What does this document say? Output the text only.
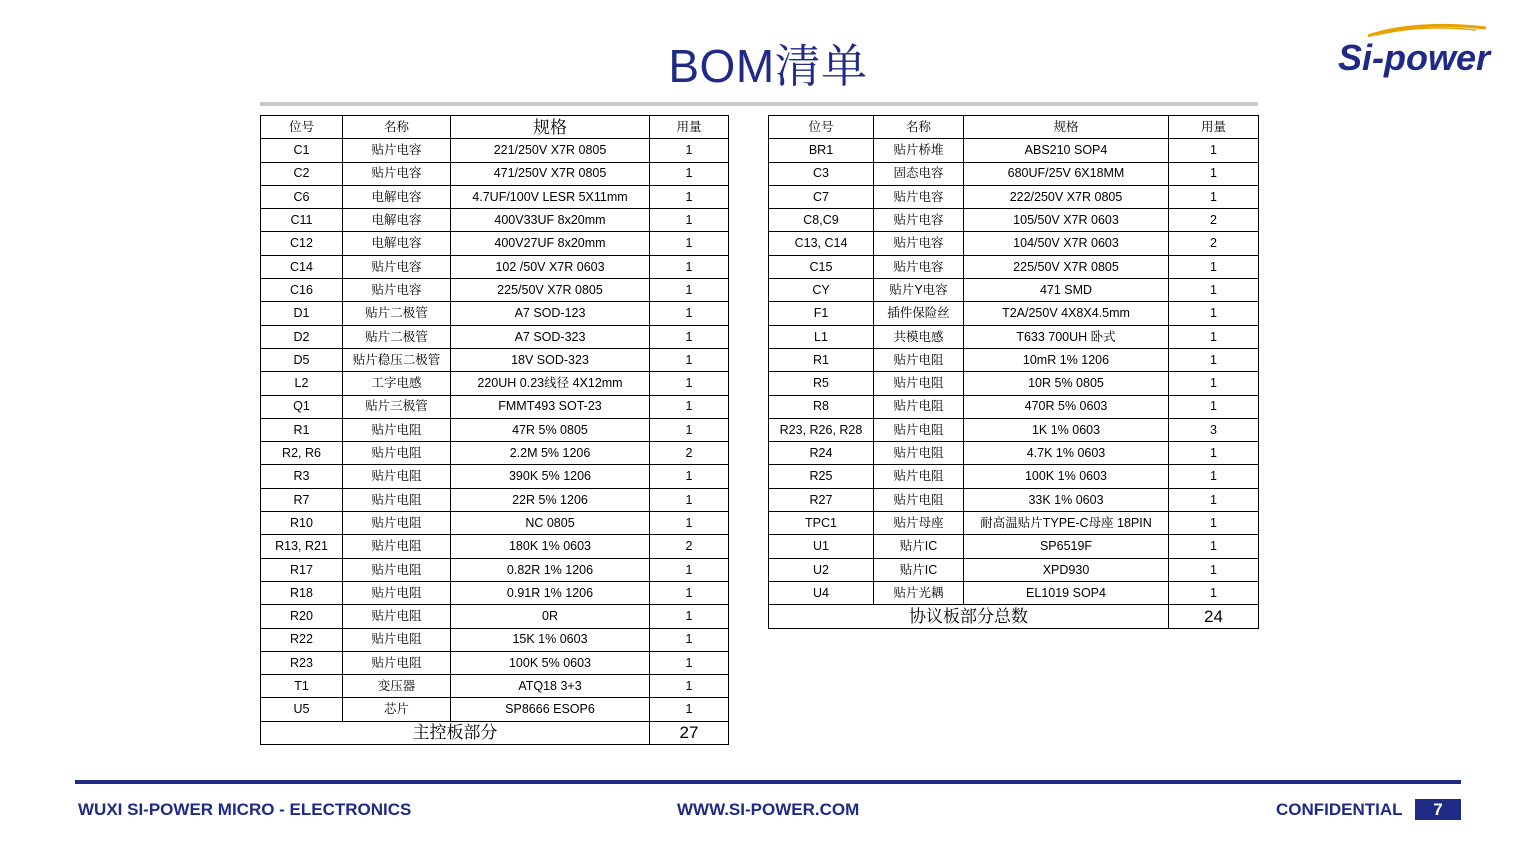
BOM清单	Si-power
位号	名称	规格	用量
C1	贴片电容	221/250V X7R 0805	1
C2	贴片电容	471/250V X7R 0805	1
C6	电解电容	4.7UF/100V LESR 5X11mm	1
C11	电解电容	400V33UF 8x20mm	1
C12	电解电容	400V27UF 8x20mm	1
C14	贴片电容	102 /50V X7R 0603	1
C16	贴片电容	225/50V X7R 0805	1
D1	贴片二极管	A7 SOD-123	1
D2	贴片二极管	A7 SOD-323	1
D5	贴片稳压二极管	18V SOD-323	1
L2	工字电感	220UH 0.23线径 4X12mm	1
Q1	贴片三极管	FMMT493 SOT-23	1
R1	贴片电阻	47R 5% 0805	1
R2, R6	贴片电阻	2.2M 5% 1206	2
R3	贴片电阻	390K 5% 1206	1
R7	贴片电阻	22R 5% 1206	1
R10	贴片电阻	NC 0805	1
R13, R21	贴片电阻	180K 1% 0603	2
R17	贴片电阻	0.82R 1% 1206	1
R18	贴片电阻	0.91R 1% 1206	1
R20	贴片电阻	0R	1
R22	贴片电阻	15K 1% 0603	1
R23	贴片电阻	100K 5% 0603	1
T1	变压器	ATQ18 3+3	1
U5	芯片	SP8666 ESOP6	1
主控板部分			27
位号	名称	规格	用量
BR1	贴片桥堆	ABS210 SOP4	1
C3	固态电容	680UF/25V 6X18MM	1
C7	贴片电容	222/250V X7R 0805	1
C8,C9	贴片电容	105/50V X7R 0603	2
C13, C14	贴片电容	104/50V X7R 0603	2
C15	贴片电容	225/50V X7R 0805	1
CY	贴片Y电容	471 SMD	1
F1	插件保险丝	T2A/250V 4X8X4.5mm	1
L1	共模电感	T633 700UH 卧式	1
R1	贴片电阻	10mR 1% 1206	1
R5	贴片电阻	10R 5% 0805	1
R8	贴片电阻	470R 5% 0603	1
R23, R26, R28	贴片电阻	1K 1% 0603	3
R24	贴片电阻	4.7K 1% 0603	1
R25	贴片电阻	100K 1% 0603	1
R27	贴片电阻	33K 1% 0603	1
TPC1	贴片母座	耐高温贴片TYPE-C母座 18PIN	1
U1	贴片IC	SP6519F	1
U2	贴片IC	XPD930	1
U4	贴片光耦	EL1019 SOP4	1
协议板部分总数			24
WUXI SI-POWER MICRO - ELECTRONICS	WWW.SI-POWER.COM	CONFIDENTIAL	7
